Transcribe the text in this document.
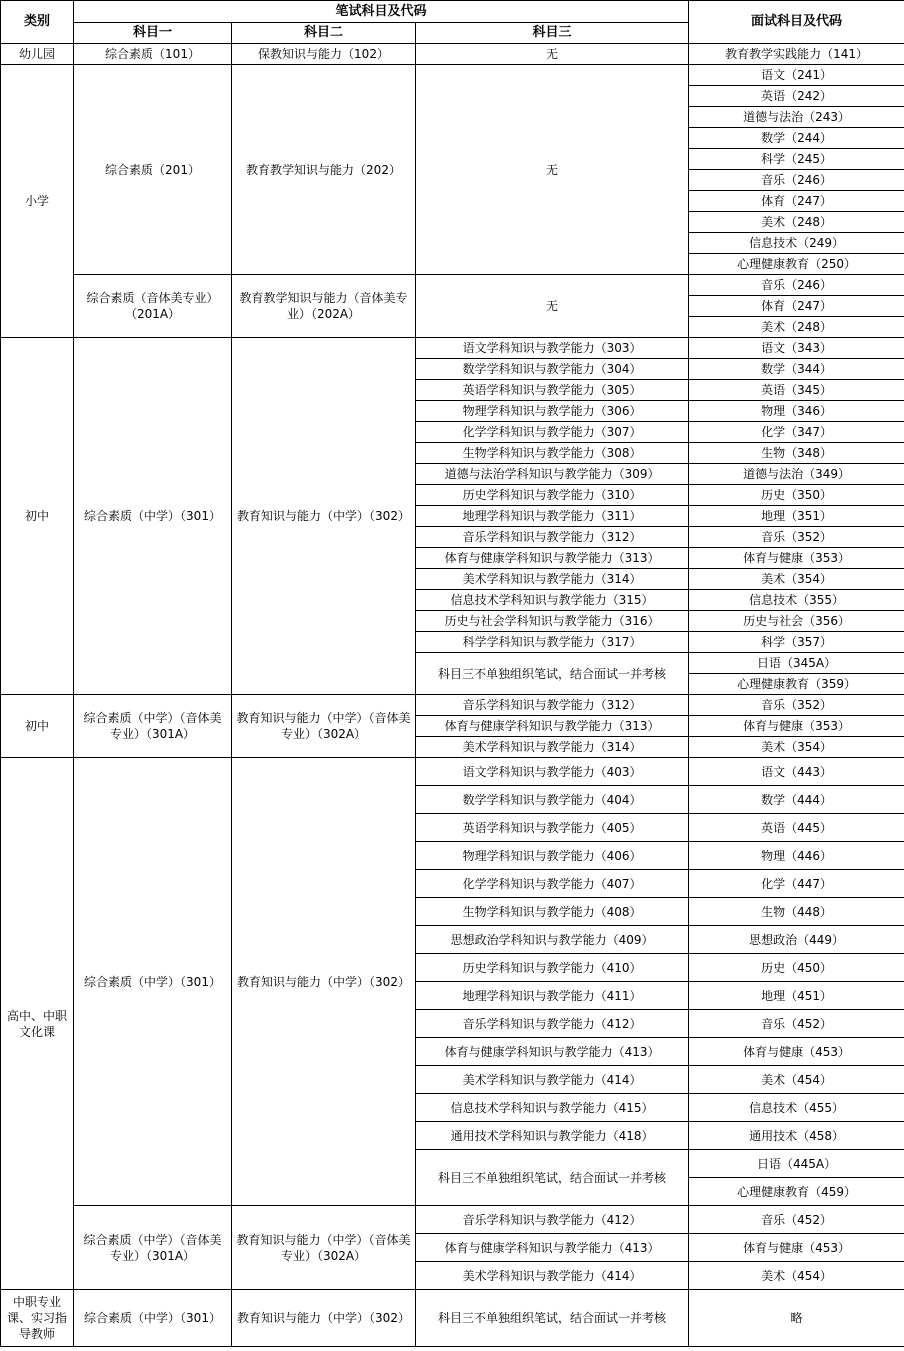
类别	笔试科目及代码			面试科目及代码
	科目一	科目二	科目三	
幼儿园	综合素质（101）	保教知识与能力（102）	无	教育教学实践能力（141）
小学	综合素质（201）	教育教学知识与能力（202）	无	语文（241）
				英语（242）
				道德与法治（243）
				数学（244）
				科学（245）
				音乐（246）
				体育（247）
				美术（248）
				信息技术（249）
				心理健康教育（250）
	综合素质（音体美专业）（201A）	教育教学知识与能力（音体美专业）（202A）	无	音乐（246）
				体育（247）
				美术（248）
初中	综合素质（中学）（301）	教育知识与能力（中学）（302）	语文学科知识与教学能力（303）	语文（343）
			数学学科知识与教学能力（304）	数学（344）
			英语学科知识与教学能力（305）	英语（345）
			物理学科知识与教学能力（306）	物理（346）
			化学学科知识与教学能力（307）	化学（347）
			生物学科知识与教学能力（308）	生物（348）
			道德与法治学科知识与教学能力（309）	道德与法治（349）
			历史学科知识与教学能力（310）	历史（350）
			地理学科知识与教学能力（311）	地理（351）
			音乐学科知识与教学能力（312）	音乐（352）
			体育与健康学科知识与教学能力（313）	体育与健康（353）
			美术学科知识与教学能力（314）	美术（354）
			信息技术学科知识与教学能力（315）	信息技术（355）
			历史与社会学科知识与教学能力（316）	历史与社会（356）
			科学学科知识与教学能力（317）	科学（357）
			科目三不单独组织笔试，结合面试一并考核	日语（345A）
				心理健康教育（359）
初中	综合素质（中学）（音体美专业）（301A）	教育知识与能力（中学）（音体美专业）（302A）	音乐学科知识与教学能力（312）	音乐（352）
			体育与健康学科知识与教学能力（313）	体育与健康（353）
			美术学科知识与教学能力（314）	美术（354）
高中、中职文化课	综合素质（中学）（301）	教育知识与能力（中学）（302）	语文学科知识与教学能力（403）	语文（443）
			数学学科知识与教学能力（404）	数学（444）
			英语学科知识与教学能力（405）	英语（445）
			物理学科知识与教学能力（406）	物理（446）
			化学学科知识与教学能力（407）	化学（447）
			生物学科知识与教学能力（408）	生物（448）
			思想政治学科知识与教学能力（409）	思想政治（449）
			历史学科知识与教学能力（410）	历史（450）
			地理学科知识与教学能力（411）	地理（451）
			音乐学科知识与教学能力（412）	音乐（452）
			体育与健康学科知识与教学能力（413）	体育与健康（453）
			美术学科知识与教学能力（414）	美术（454）
			信息技术学科知识与教学能力（415）	信息技术（455）
			通用技术学科知识与教学能力（418）	通用技术（458）
			科目三不单独组织笔试，结合面试一并考核	日语（445A）
				心理健康教育（459）
	综合素质（中学）（音体美专业）（301A）	教育知识与能力（中学）（音体美专业）（302A）	音乐学科知识与教学能力（412）	音乐（452）
			体育与健康学科知识与教学能力（413）	体育与健康（453）
			美术学科知识与教学能力（414）	美术（454）
中职专业课、实习指导教师	综合素质（中学）（301）	教育知识与能力（中学）（302）	科目三不单独组织笔试，结合面试一并考核	略
